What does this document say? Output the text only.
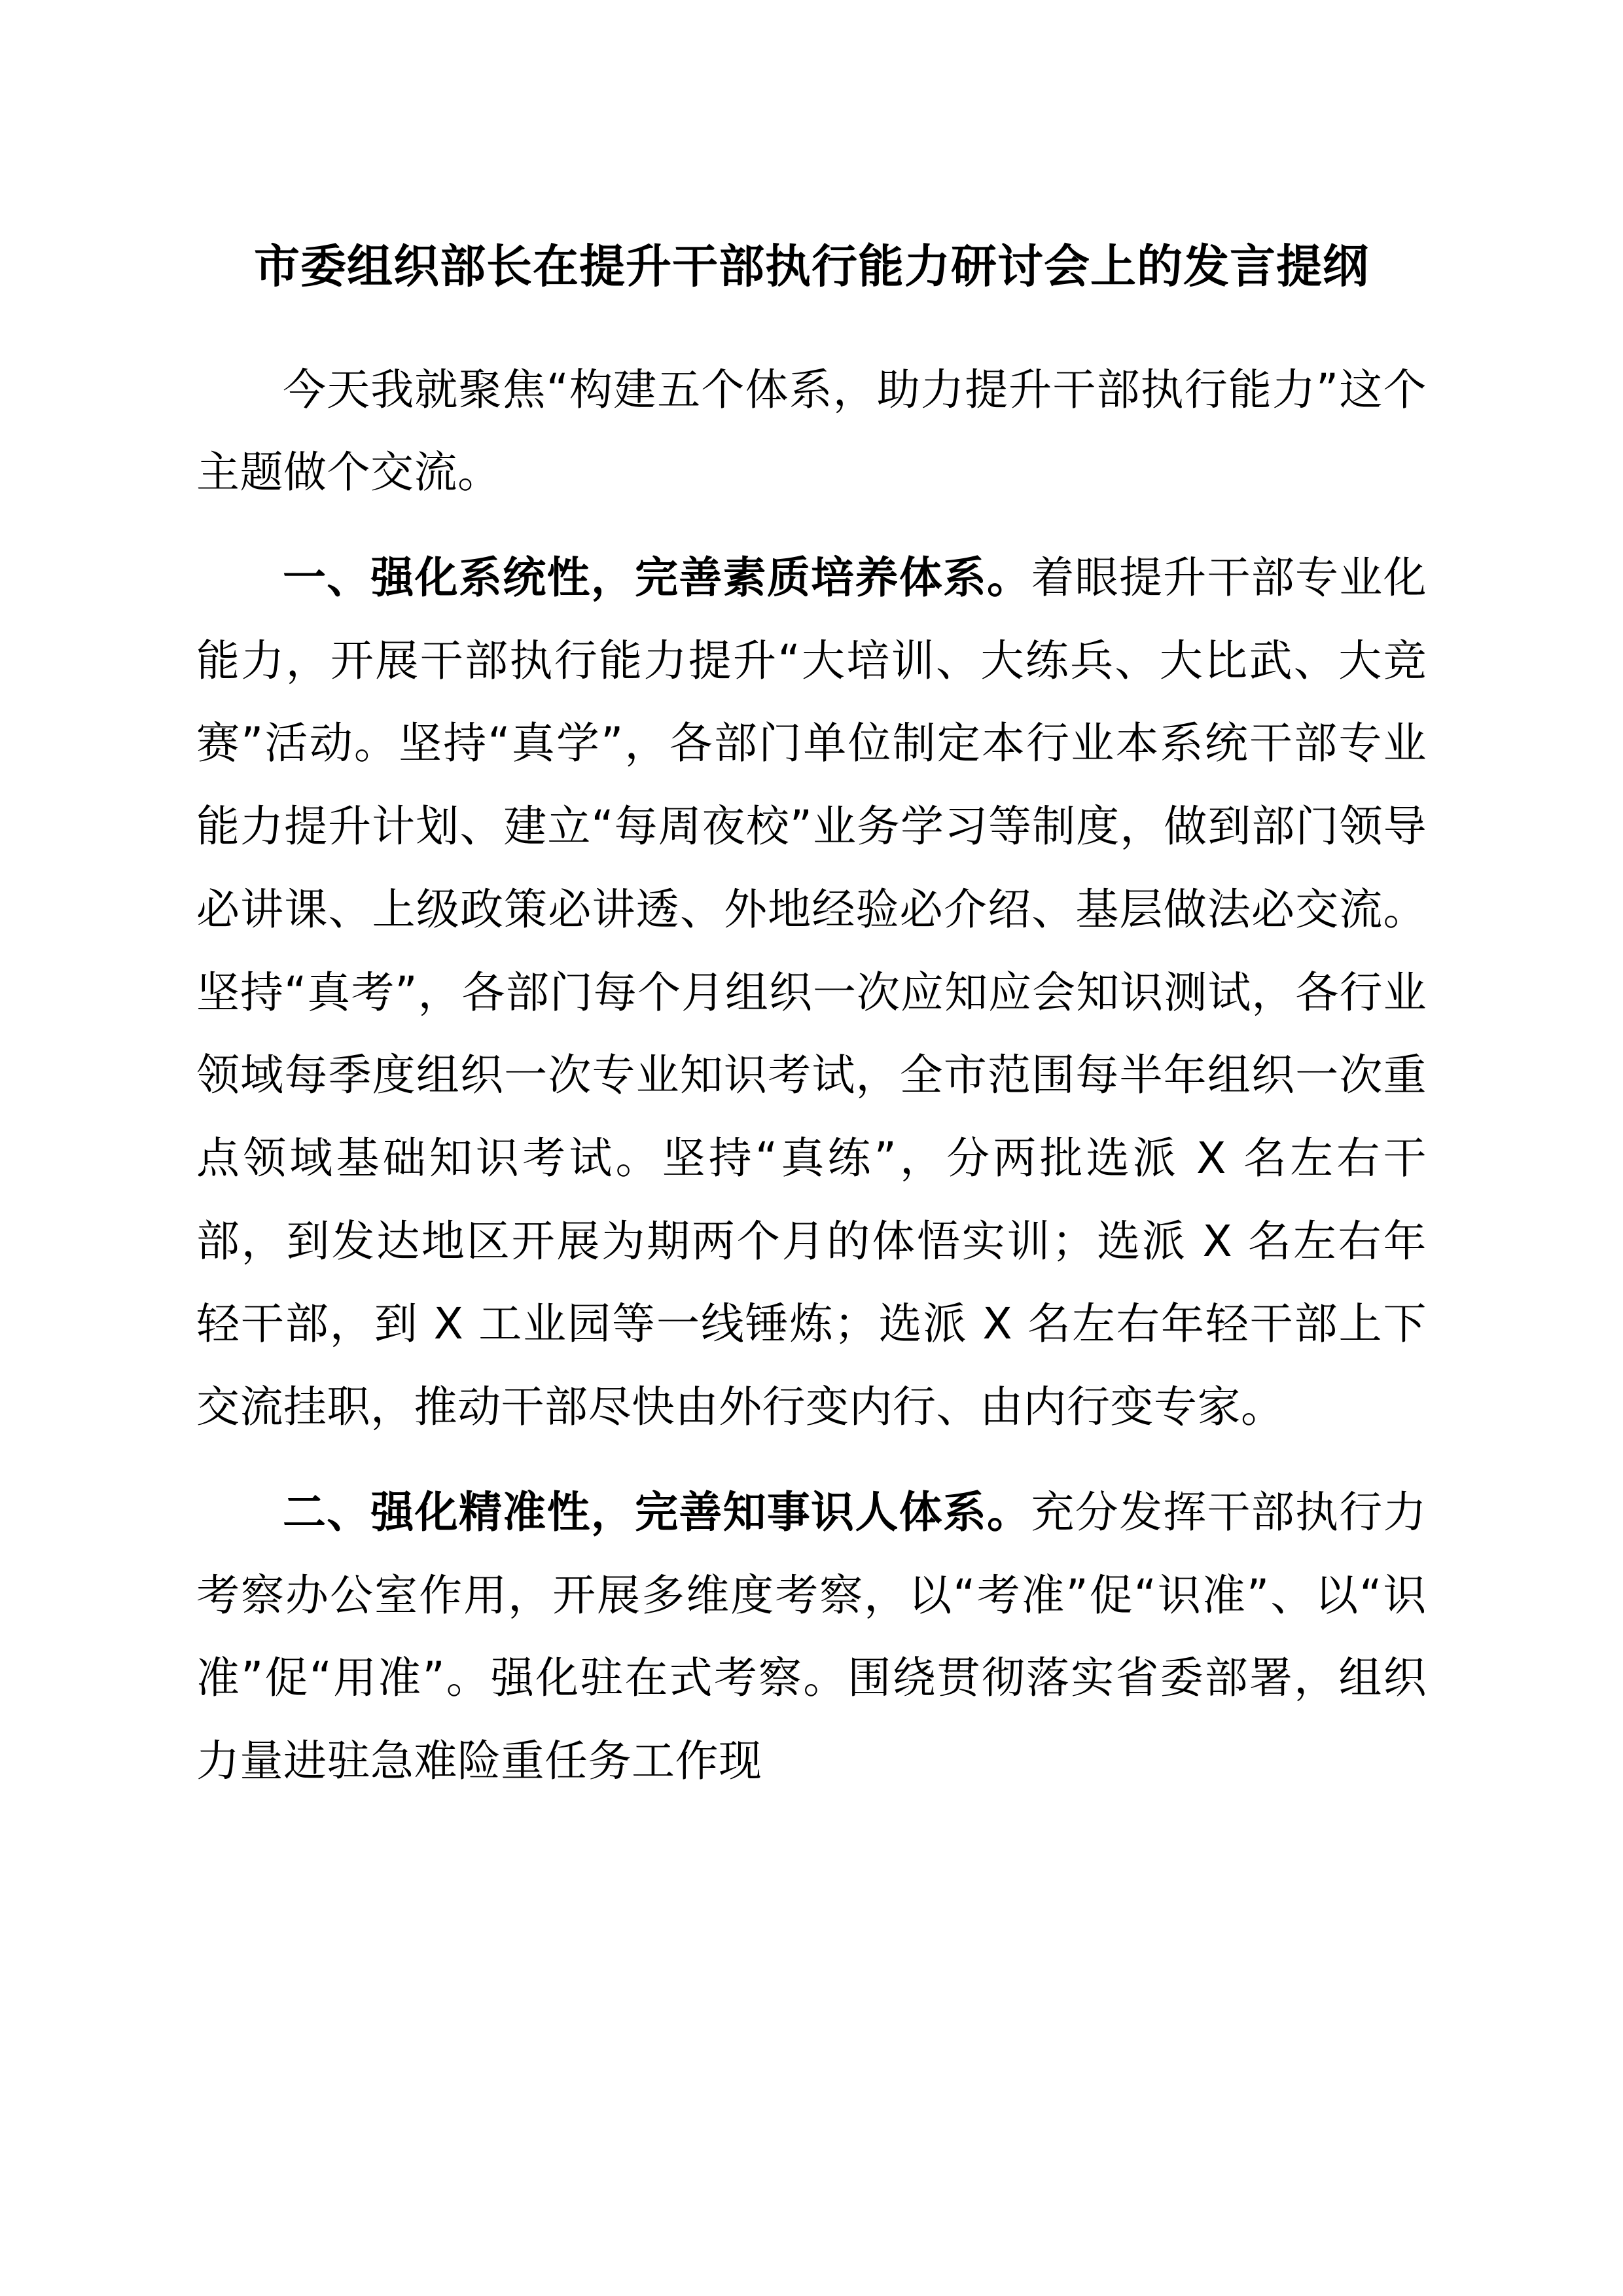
市委组织部长在提升干部执行能力研讨会上的发言提纲

今天我就聚焦“构建五个体系，助力提升干部执行能力”这个主题做个交流。

一、强化系统性，完善素质培养体系。着眼提升干部专业化能力，开展干部执行能力提升“大培训、大练兵、大比武、大竞赛”活动。坚持“真学”，各部门单位制定本行业本系统干部专业能力提升计划、建立“每周夜校”业务学习等制度，做到部门领导必讲课、上级政策必讲透、外地经验必介绍、基层做法必交流。坚持“真考”，各部门每个月组织一次应知应会知识测试，各行业领域每季度组织一次专业知识考试，全市范围每半年组织一次重点领域基础知识考试。坚持“真练”，分两批选派 X 名左右干部，到发达地区开展为期两个月的体悟实训；选派 X 名左右年轻干部，到 X 工业园等一线锤炼；选派 X 名左右年轻干部上下交流挂职，推动干部尽快由外行变内行、由内行变专家。

二、强化精准性，完善知事识人体系。充分发挥干部执行力考察办公室作用，开展多维度考察，以“考准”促“识准”、以“识准”促“用准”。强化驻在式考察。围绕贯彻落实省委部署，组织力量进驻急难险重任务工作现
